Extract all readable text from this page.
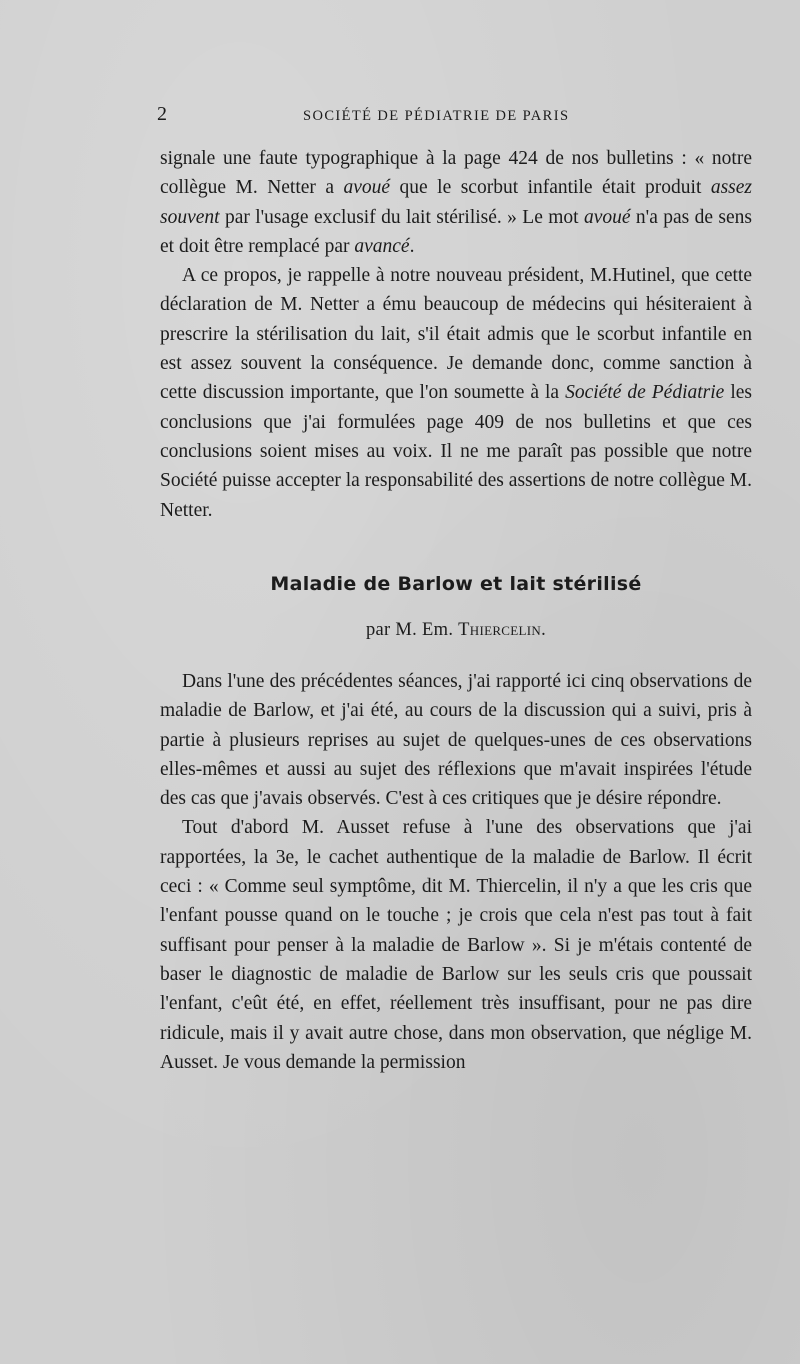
2	SOCIÉTÉ DE PÉDIATRIE DE PARIS

signale une faute typographique à la page 424 de nos bulletins : « notre collègue M. Netter a avoué que le scorbut infantile était produit assez souvent par l'usage exclusif du lait stérilisé. » Le mot avoué n'a pas de sens et doit être remplacé par avancé.

A ce propos, je rappelle à notre nouveau président, M.Hutinel, que cette déclaration de M. Netter a ému beaucoup de médecins qui hésiteraient à prescrire la stérilisation du lait, s'il était admis que le scorbut infantile en est assez souvent la conséquence. Je demande donc, comme sanction à cette discussion importante, que l'on soumette à la Société de Pédiatrie les conclusions que j'ai formulées page 409 de nos bulletins et que ces conclusions soient mises au voix. Il ne me paraît pas possible que notre Société puisse accepter la responsabilité des assertions de notre collègue M. Netter.

Maladie de Barlow et lait stérilisé
par M. Em. Thiercelin.

Dans l'une des précédentes séances, j'ai rapporté ici cinq observations de maladie de Barlow, et j'ai été, au cours de la discussion qui a suivi, pris à partie à plusieurs reprises au sujet de quelques-unes de ces observations elles-mêmes et aussi au sujet des réflexions que m'avait inspirées l'étude des cas que j'avais observés. C'est à ces critiques que je désire répondre.

Tout d'abord M. Ausset refuse à l'une des observations que j'ai rapportées, la 3e, le cachet authentique de la maladie de Barlow. Il écrit ceci : « Comme seul symptôme, dit M. Thiercelin, il n'y a que les cris que l'enfant pousse quand on le touche ; je crois que cela n'est pas tout à fait suffisant pour penser à la maladie de Barlow ». Si je m'étais contenté de baser le diagnostic de maladie de Barlow sur les seuls cris que poussait l'enfant, c'eût été, en effet, réellement très insuffisant, pour ne pas dire ridicule, mais il y avait autre chose, dans mon observation, que néglige M. Ausset. Je vous demande la permission
